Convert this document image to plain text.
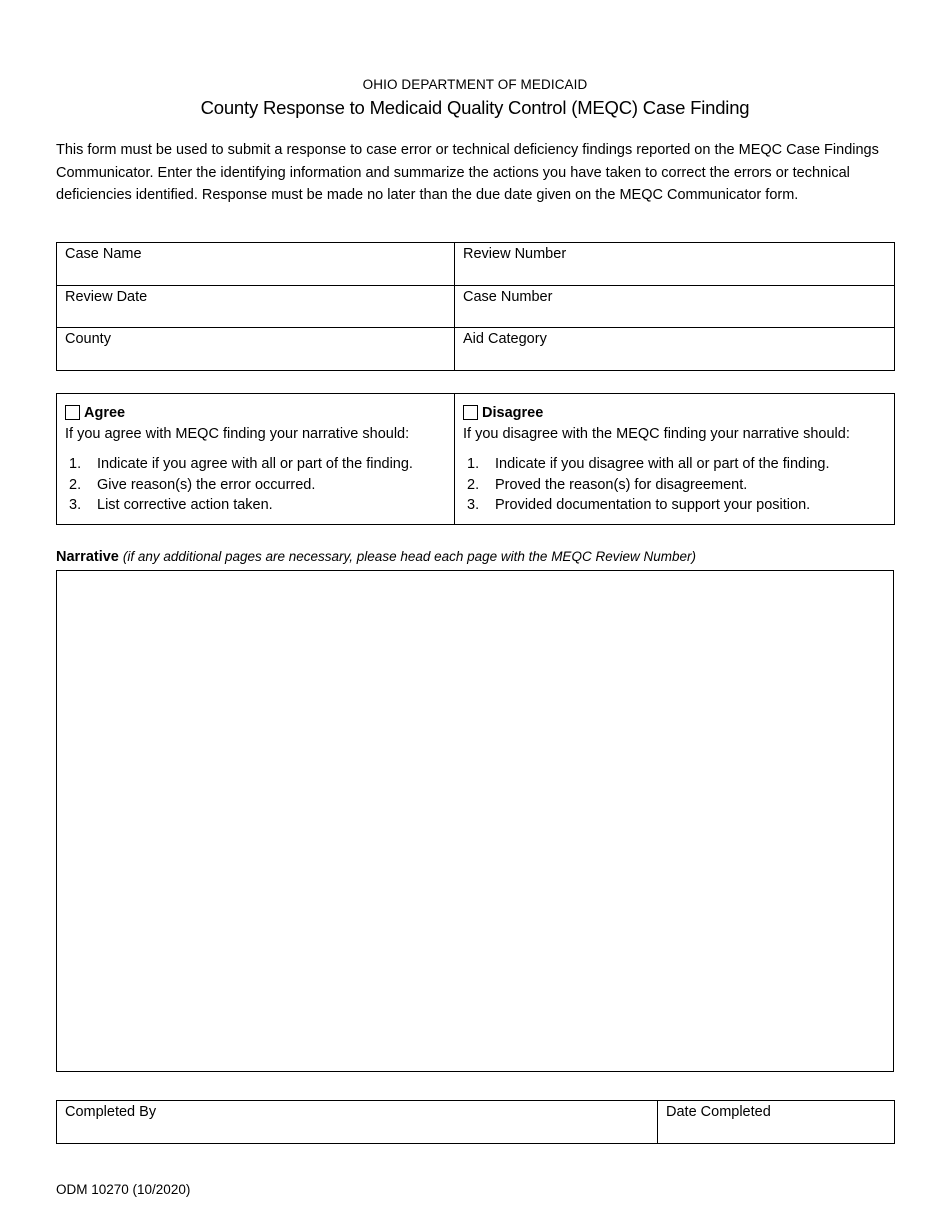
OHIO DEPARTMENT OF MEDICAID
County Response to Medicaid Quality Control (MEQC) Case Finding

This form must be used to submit a response to case error or technical deficiency findings reported on the MEQC Case Findings Communicator. Enter the identifying information and summarize the actions you have taken to correct the errors or technical deficiencies identified. Response must be made no later than the due date given on the MEQC Communicator form.

Case Name	Review Number
Review Date	Case Number
County	Aid Category
Agree
If you agree with MEQC finding your narrative should:
1.	Indicate if you agree with all or part of the finding.
2.	Give reason(s) the error occurred.
3.	List corrective action taken.

Disagree
If you disagree with the MEQC finding your narrative should:
1.	Indicate if you disagree with all or part of the finding.
2.	Proved the reason(s) for disagreement.
3.	Provided documentation to support your position.
Narrative (if any additional pages are necessary, please head each page with the MEQC Review Number)
Completed By	Date Completed
ODM 10270 (10/2020)
